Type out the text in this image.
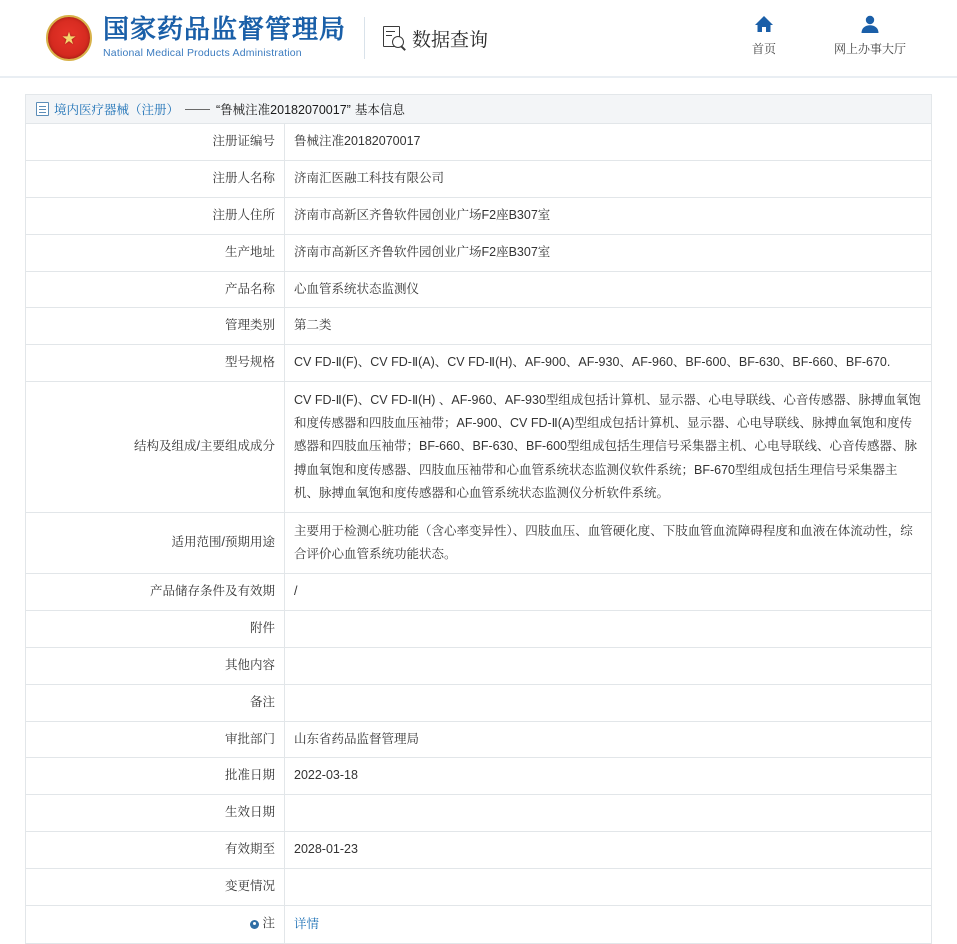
★ 国家药品监督管理局
National Medical Products Administration
数据查询	首页	网上办事大厅
境内医疗器械（注册） —— “鲁械注准20182070017” 基本信息
注册证编号	鲁械注准20182070017
注册人名称	济南汇医融工科技有限公司
注册人住所	济南市高新区齐鲁软件园创业广场F2座B307室
生产地址	济南市高新区齐鲁软件园创业广场F2座B307室
产品名称	心血管系统状态监测仪
管理类别	第二类
型号规格	CV FD-Ⅱ(F)、CV FD-Ⅱ(A)、CV FD-Ⅱ(H)、AF-900、AF-930、AF-960、BF-600、BF-630、BF-660、BF-670.
结构及组成/主要组成成分	CV FD-Ⅱ(F)、CV FD-Ⅱ(H) 、AF-960、AF-930型组成包括计算机、显示器、心电导联线、心音传感器、脉搏血氧饱和度传感器和四肢血压袖带；AF-900、CV FD-Ⅱ(A)型组成包括计算机、显示器、心电导联线、脉搏血氧饱和度传感器和四肢血压袖带；BF-660、BF-630、BF-600型组成包括生理信号采集器主机、心电导联线、心音传感器、脉搏血氧饱和度传感器、四肢血压袖带和心血管系统状态监测仪软件系统；BF-670型组成包括生理信号采集器主机、脉搏血氧饱和度传感器和心血管系统状态监测仪分析软件系统。
适用范围/预期用途	主要用于检测心脏功能（含心率变异性）、四肢血压、血管硬化度、下肢血管血流障碍程度和血液在体流动性，综合评价心血管系统功能状态。
产品储存条件及有效期	/
附件	
其他内容	
备注	
审批部门	山东省药品监督管理局
批准日期	2022-03-18
生效日期	
有效期至	2028-01-23
变更情况	

注	详情
